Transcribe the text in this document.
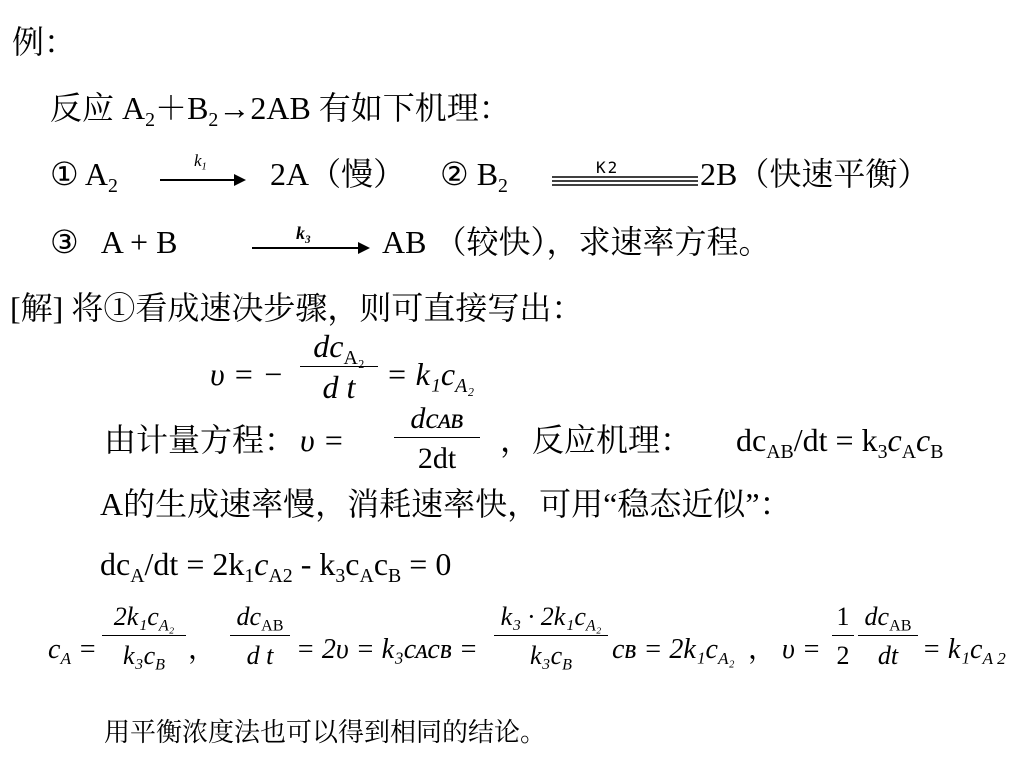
例：
反应 $A_2+B_2\to 2AB$ 有如下机理：
① $A_2$
$k_1$ 2A（慢） ② $B_2$
K2	2B（快速平衡）
③ A + B	$k_3$ AB （较快），求速率方程。
[解] 将①看成速决步骤，则可直接写出：
υ = −
$dc_{A_2}$
d $t = k_1c_{A_2}$
由计量方程： υ =
dcᴀʙ
2dt
，反应机理： $dc_{AB}/dt = k_3c_Ac_B$
A的生成速率慢，消耗速率快，可用“稳态近似”：
$dc_A/dt = 2k_1c_{A2} - k_3c_Ac_B = 0$
$c_A$ =
$2k_1c_{A_2}$
$k_3c_B$
，
$dc_{AB}$
d t = 2υ = k₃cᴀcʙ =
$k_3 \cdot 2k_1c_{A_2}$
$k_3c_B$
cʙ = $2k_1c_{A_2}$ ， υ =
1
2
$dc_{AB}$
dt = $k_1c_{A 2}$
用平衡浓度法也可以得到相同的结论。
